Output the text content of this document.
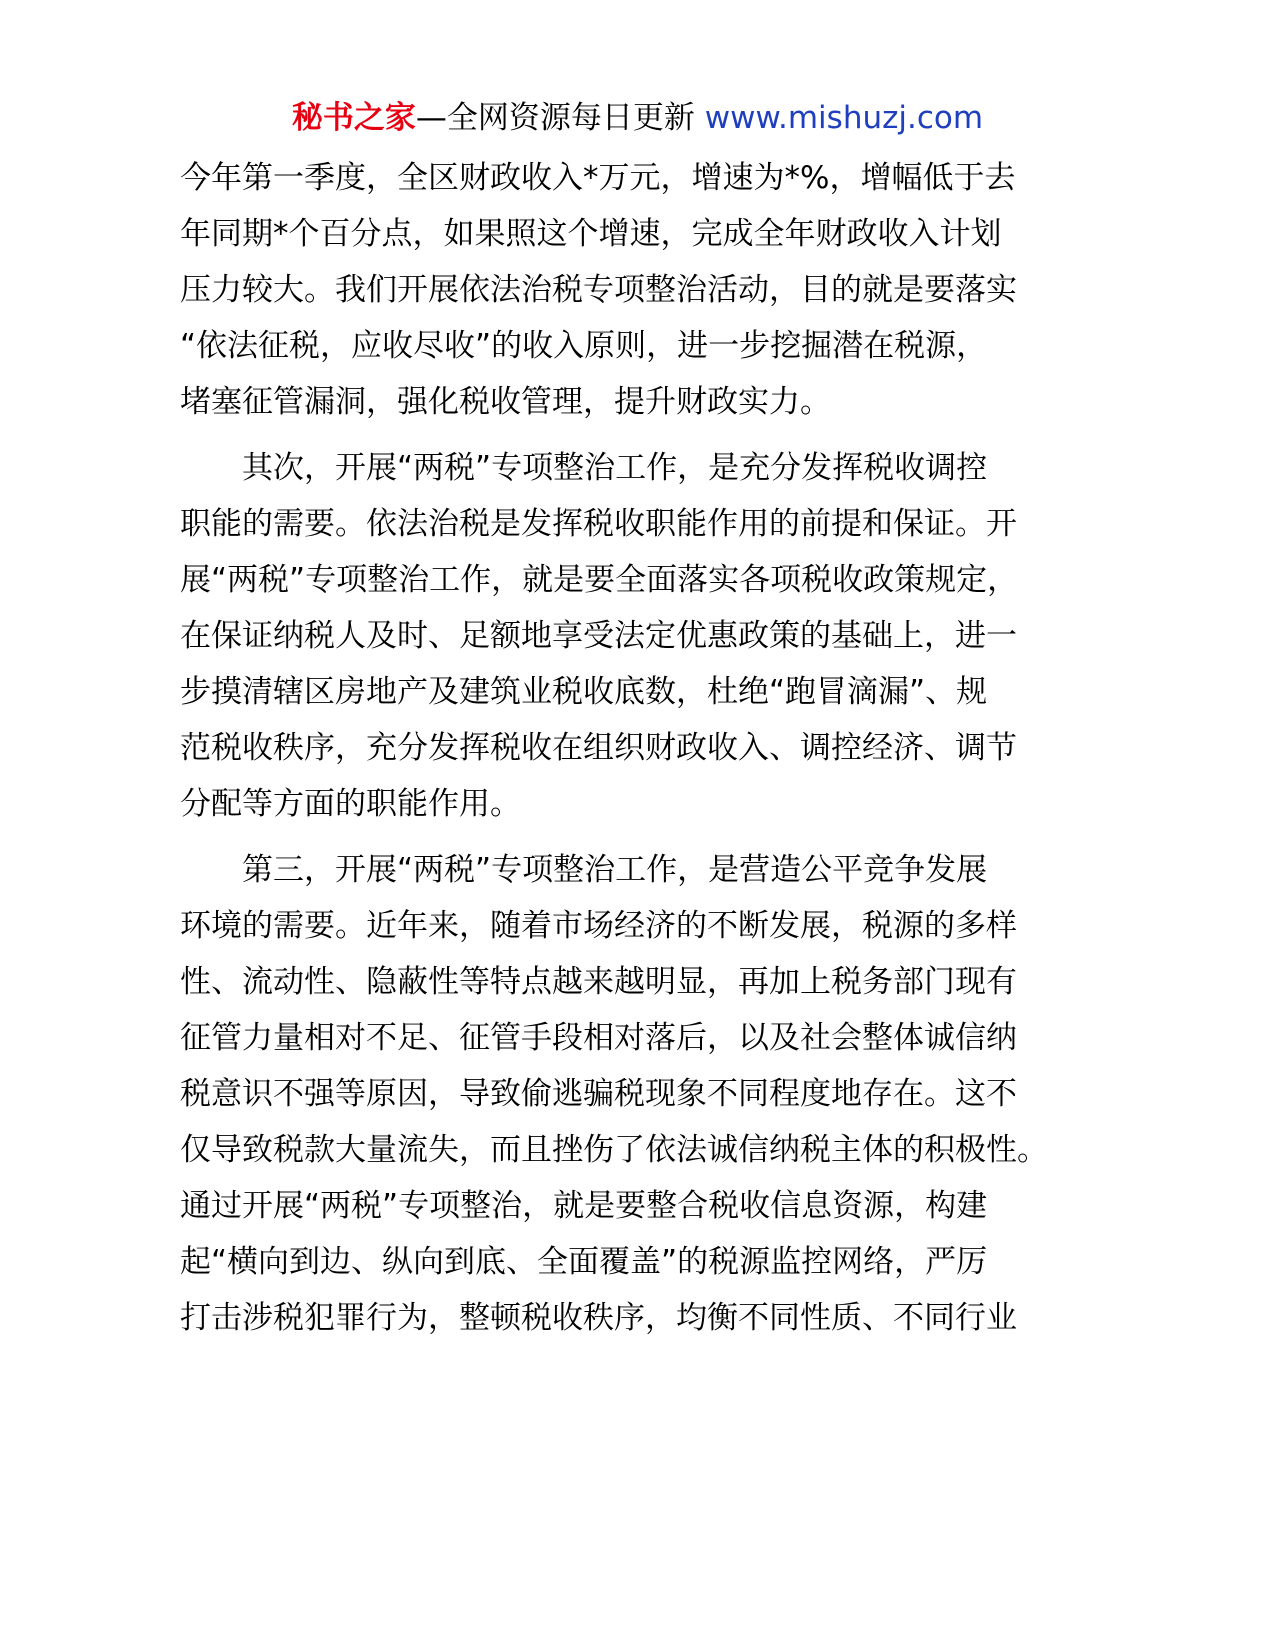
秘书之家—全网资源每日更新 www.mishuzj.com
今年第一季度，全区财政收入*万元，增速为*%，增幅低于去
年同期*个百分点，如果照这个增速，完成全年财政收入计划
压力较大。我们开展依法治税专项整治活动，目的就是要落实
“依法征税，应收尽收”的收入原则，进一步挖掘潜在税源，
堵塞征管漏洞，强化税收管理，提升财政实力。
　　其次，开展“两税”专项整治工作，是充分发挥税收调控
职能的需要。依法治税是发挥税收职能作用的前提和保证。开
展“两税”专项整治工作，就是要全面落实各项税收政策规定，
在保证纳税人及时、足额地享受法定优惠政策的基础上，进一
步摸清辖区房地产及建筑业税收底数，杜绝“跑冒滴漏”、规
范税收秩序，充分发挥税收在组织财政收入、调控经济、调节
分配等方面的职能作用。
　　第三，开展“两税”专项整治工作，是营造公平竞争发展
环境的需要。近年来，随着市场经济的不断发展，税源的多样
性、流动性、隐蔽性等特点越来越明显，再加上税务部门现有
征管力量相对不足、征管手段相对落后，以及社会整体诚信纳
税意识不强等原因，导致偷逃骗税现象不同程度地存在。这不
仅导致税款大量流失，而且挫伤了依法诚信纳税主体的积极性。
通过开展“两税”专项整治，就是要整合税收信息资源，构建
起“横向到边、纵向到底、全面覆盖”的税源监控网络，严厉
打击涉税犯罪行为，整顿税收秩序，均衡不同性质、不同行业
